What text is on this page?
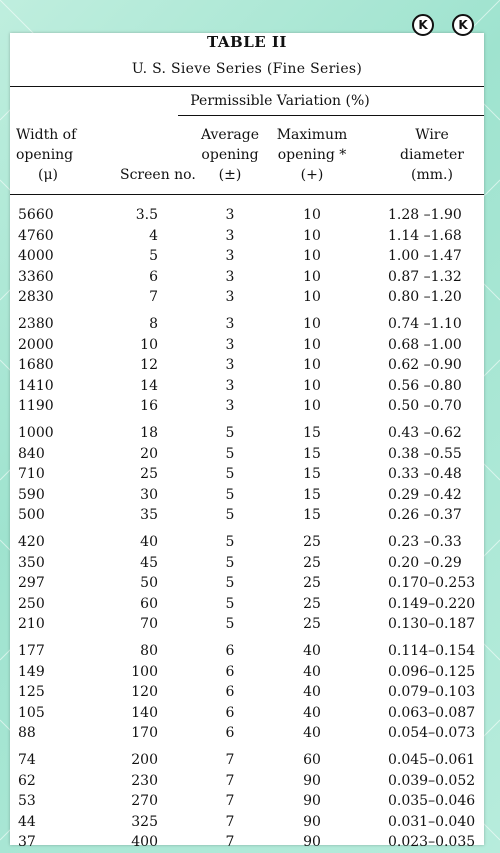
K	K
TABLE II
U. S. Sieve Series (Fine Series)
Permissible Variation (%)
Width of
opening
(μ)	Screen no.
Average
opening
(±)
Maximum
opening *
(+)
Wire
diameter
(mm.)
5660	3.5	3	10	1.28 –1.90
4760	4	3	10	1.14 –1.68
4000	5	3	10	1.00 –1.47
3360	6	3	10	0.87 –1.32
2830	7	3	10	0.80 –1.20
2380	8	3	10	0.74 –1.10
2000	10	3	10	0.68 –1.00
1680	12	3	10	0.62 –0.90
1410	14	3	10	0.56 –0.80
1190	16	3	10	0.50 –0.70
1000	18	5	15	0.43 –0.62
840	20	5	15	0.38 –0.55
710	25	5	15	0.33 –0.48
590	30	5	15	0.29 –0.42
500	35	5	15	0.26 –0.37
420	40	5	25	0.23 –0.33
350	45	5	25	0.20 –0.29
297	50	5	25	0.170–0.253
250	60	5	25	0.149–0.220
210	70	5	25	0.130–0.187
177	80	6	40	0.114–0.154
149	100	6	40	0.096–0.125
125	120	6	40	0.079–0.103
105	140	6	40	0.063–0.087
88	170	6	40	0.054–0.073
74	200	7	60	0.045–0.061
62	230	7	90	0.039–0.052
53	270	7	90	0.035–0.046
44	325	7	90	0.031–0.040
37	400	7	90	0.023–0.035
